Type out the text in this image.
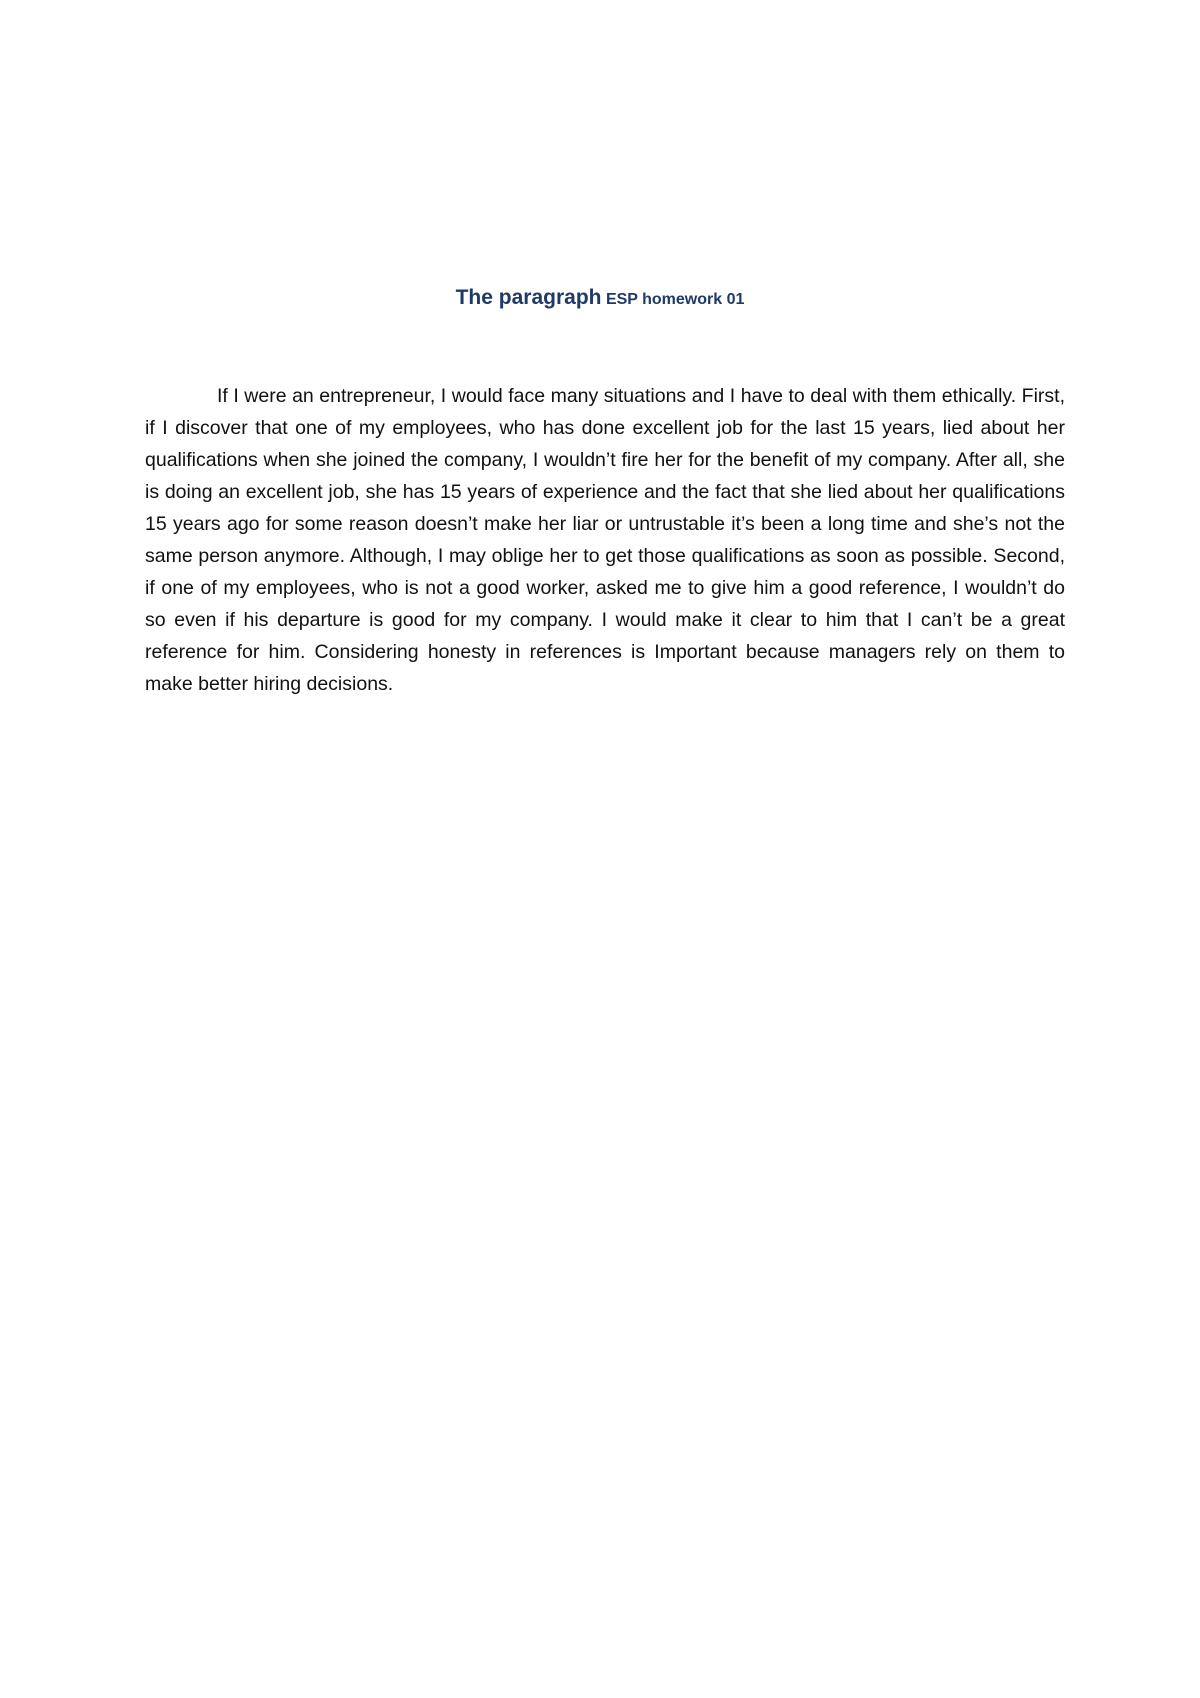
The paragraph ESP homework 01

If I were an entrepreneur, I would face many situations and I have to deal with them ethically. First, if I discover that one of my employees, who has done excellent job for the last 15 years, lied about her qualifications when she joined the company, I wouldn’t fire her for the benefit of my company. After all, she is doing an excellent job, she has 15 years of experience and the fact that she lied about her qualifications 15 years ago for some reason doesn’t make her liar or untrustable it’s been a long time and she’s not the same person anymore. Although, I may oblige her to get those qualifications as soon as possible. Second, if one of my employees, who is not a good worker, asked me to give him a good reference, I wouldn’t do so even if his departure is good for my company. I would make it clear to him that I can’t be a great reference for him. Considering honesty in references is Important because managers rely on them to make better hiring decisions.
